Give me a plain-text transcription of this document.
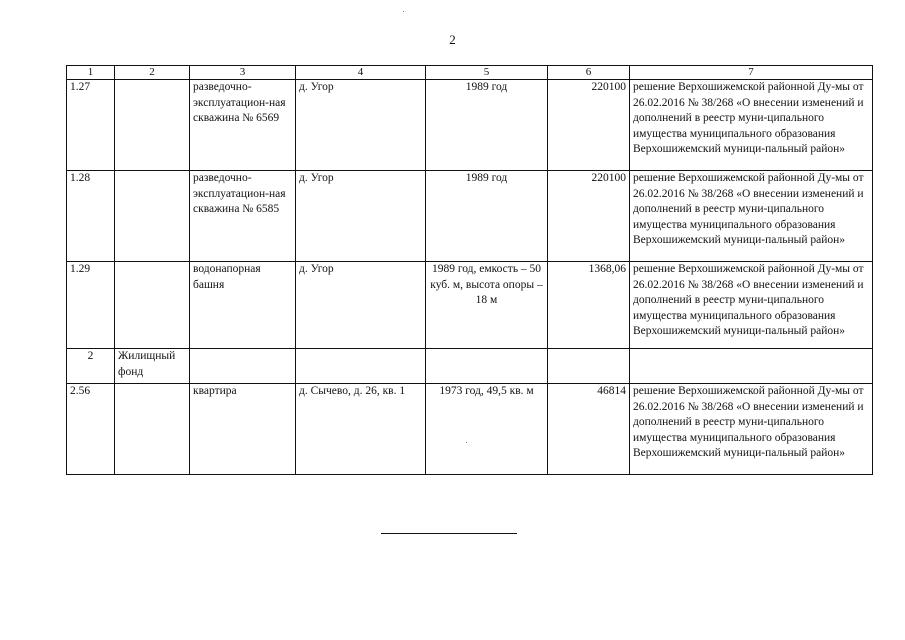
2
1	2	3	4	5	6	7
1.27		разведочно-эксплуатацион-ная скважина № 6569	д. Угор	1989 год	220100	решение Верхошижемской районной Ду-мы от 26.02.2016 № 38/268 «О внесении изменений и дополнений в реестр муни-ципального имущества муниципального образования Верхошижемский муници-пальный район»
1.28		разведочно-эксплуатацион-ная скважина № 6585	д. Угор	1989 год	220100	решение Верхошижемской районной Ду-мы от 26.02.2016 № 38/268 «О внесении изменений и дополнений в реестр муни-ципального имущества муниципального образования Верхошижемский муници-пальный район»
1.29		водонапорная башня	д. Угор	1989 год, емкость – 50 куб. м, высота опоры – 18 м	1368,06	решение Верхошижемской районной Ду-мы от 26.02.2016 № 38/268 «О внесении изменений и дополнений в реестр муни-ципального имущества муниципального образования Верхошижемский муници-пальный район»
2	Жилищный фонд					
2.56		квартира	д. Сычево, д. 26, кв. 1	1973 год, 49,5 кв. м	46814	решение Верхошижемской районной Ду-мы от 26.02.2016 № 38/268 «О внесении изменений и дополнений в реестр муни-ципального имущества муниципального образования Верхошижемский муници-пальный район»
